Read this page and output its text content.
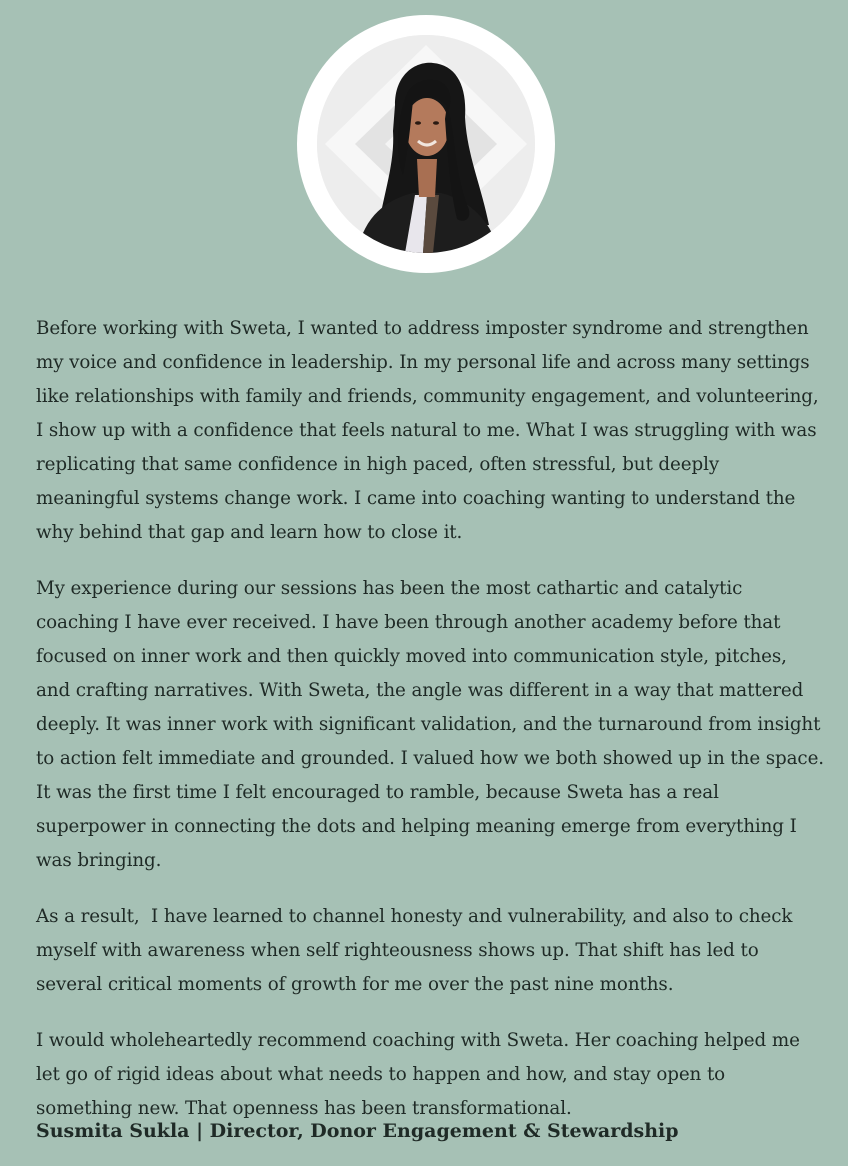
Before working with Sweta, I wanted to address imposter syndrome and strengthen my voice and confidence in leadership. In my personal life and across many settings like relationships with family and friends, community engagement, and volunteering, I show up with a confidence that feels natural to me. What I was struggling with was replicating that same confidence in high paced, often stressful, but deeply meaningful systems change work. I came into coaching wanting to understand the why behind that gap and learn how to close it.

My experience during our sessions has been the most cathartic and catalytic coaching I have ever received. I have been through another academy before that focused on inner work and then quickly moved into communication style, pitches, and crafting narratives. With Sweta, the angle was different in a way that mattered deeply. It was inner work with significant validation, and the turnaround from insight to action felt immediate and grounded. I valued how we both showed up in the space. It was the first time I felt encouraged to ramble, because Sweta has a real superpower in connecting the dots and helping meaning emerge from everything I was bringing.

As a result,  I have learned to channel honesty and vulnerability, and also to check myself with awareness when self righteousness shows up. That shift has led to several critical moments of growth for me over the past nine months.

I would wholeheartedly recommend coaching with Sweta. Her coaching helped me let go of rigid ideas about what needs to happen and how, and stay open to something new. That openness has been transformational.

Susmita Sukla | Director, Donor Engagement & Stewardship
